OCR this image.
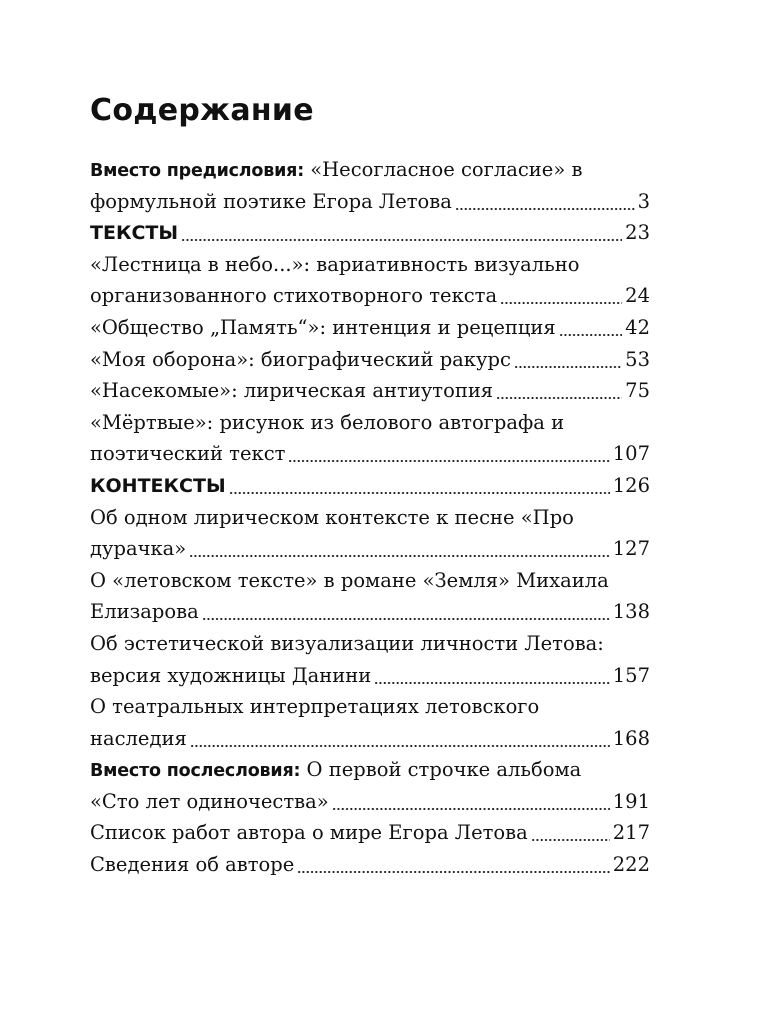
Содержание
Вместо предисловия: «Несогласное согласие» в
формульной поэтике Егора Летова	3
ТЕКСТЫ	23
«Лестница в небо...»: вариативность визуально
организованного стихотворного текста	24
«Общество „Память“»: интенция и рецепция	42
«Моя оборона»: биографический ракурс	53
«Насекомые»: лирическая антиутопия	75
«Мёртвые»: рисунок из белового автографа и
поэтический текст	107
КОНТЕКСТЫ	126
Об одном лирическом контексте к песне «Про
дурачка»	127
О «летовском тексте» в романе «Земля» Михаила
Елизарова	138
Об эстетической визуализации личности Летова:
версия художницы Данини	157
О театральных интерпретациях летовского
наследия	168
Вместо послесловия: О первой строчке альбома
«Сто лет одиночества»	191
Список работ автора о мире Егора Летова	217
Сведения об авторе	222
